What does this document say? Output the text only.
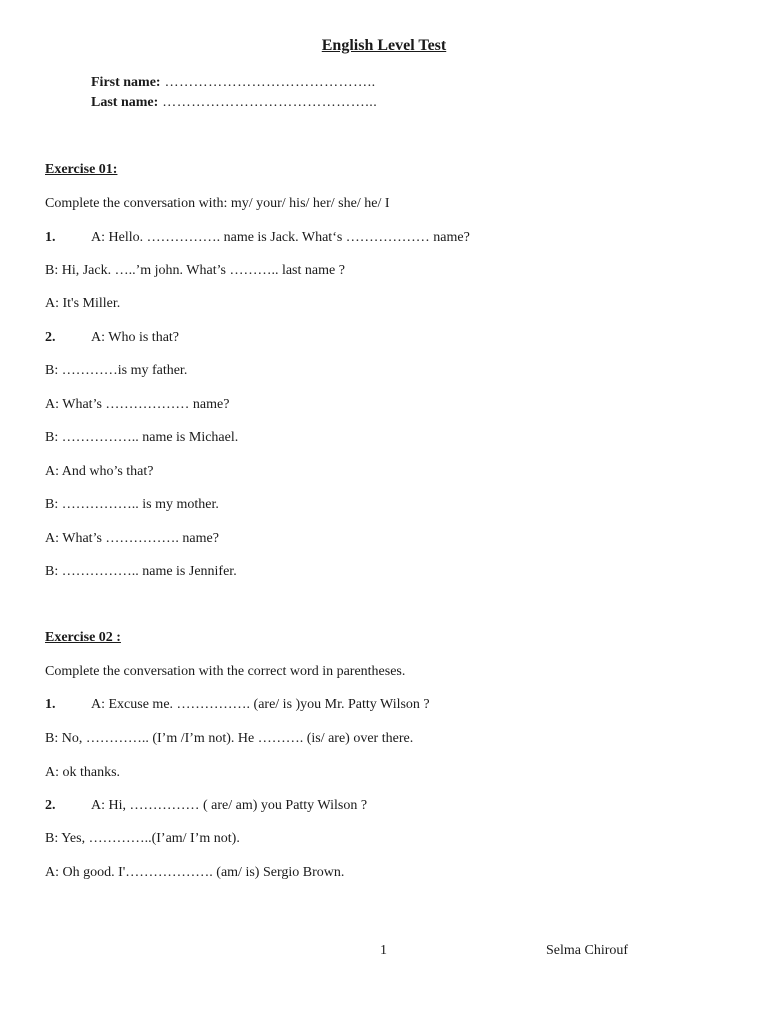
English Level Test
First name: ……………………………………..
Last name: ……………………………………...
Exercise 01:
Complete the conversation with: my/ your/ his/ her/ she/ he/ I
1.	A: Hello. ……………. name is Jack. What‘s ……………… name?
B: Hi, Jack. …..’m john. What’s ……….. last name ?
A: It's Miller.
2.	A: Who is that?
B: …………is my father.
A: What’s ……………… name?
B: …………….. name is Michael.
A: And who’s that?
B: …………….. is my mother.
A: What’s ……………. name?
B: …………….. name is Jennifer.
Exercise 02 :
Complete the conversation with the correct word in parentheses.
1.	A: Excuse me. ……………. (are/ is )you Mr. Patty Wilson ?
B: No, ………….. (I’m /I’m not). He ………. (is/ are) over there.
A: ok thanks.
2.	A: Hi, …………… ( are/ am) you Patty Wilson ?
B: Yes, …………..(I’am/ I’m not).
A: Oh good. I'………………. (am/ is) Sergio Brown.
1	Selma Chirouf
